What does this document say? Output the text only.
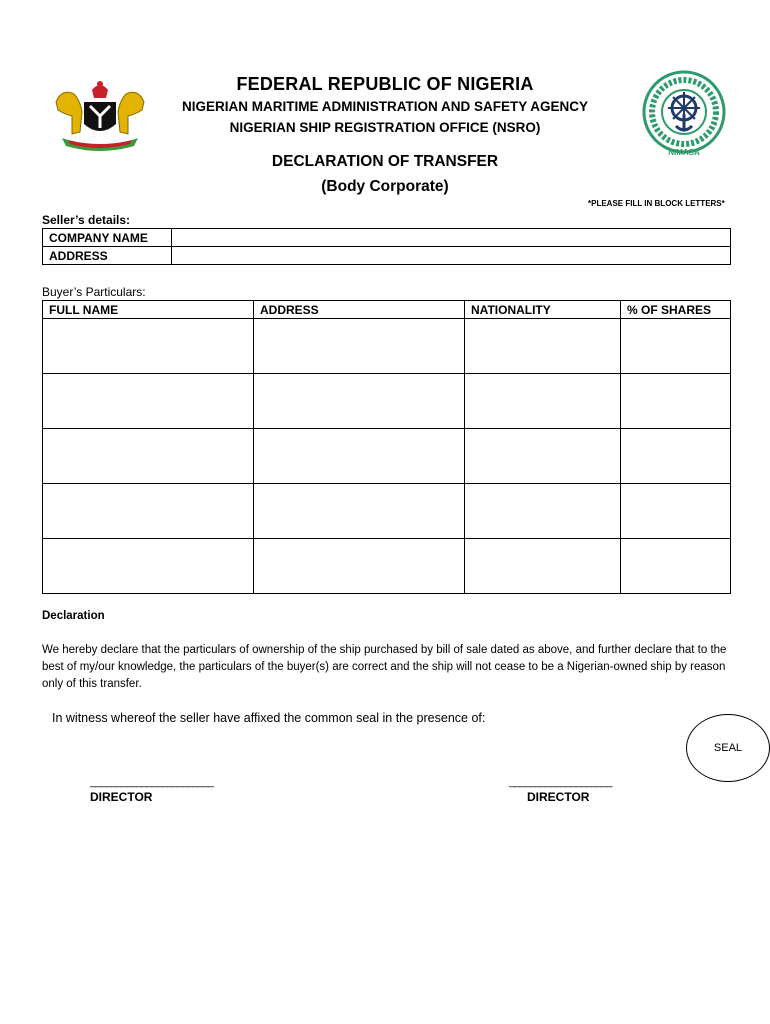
NIMASA
FEDERAL REPUBLIC OF NIGERIA
NIGERIAN MARITIME ADMINISTRATION AND SAFETY AGENCY
NIGERIAN SHIP REGISTRATION OFFICE (NSRO)
DECLARATION OF TRANSFER
(Body Corporate)
*PLEASE FILL IN BLOCK LETTERS*
Seller’s details:
COMPANY NAME	
ADDRESS	
Buyer’s Particulars:
FULL NAME	ADDRESS	NATIONALITY	% OF SHARES

Declaration
We hereby declare that the particulars of ownership of the ship purchased by bill of sale dated as above, and further declare that to the best of my/our knowledge, the particulars of the buyer(s) are correct and the ship will not cease to be a Nigerian-owned ship by reason only of this transfer.
In witness whereof the seller have affixed the common seal in the presence of:
SEAL
________________________
DIRECTOR
____________________
DIRECTOR
